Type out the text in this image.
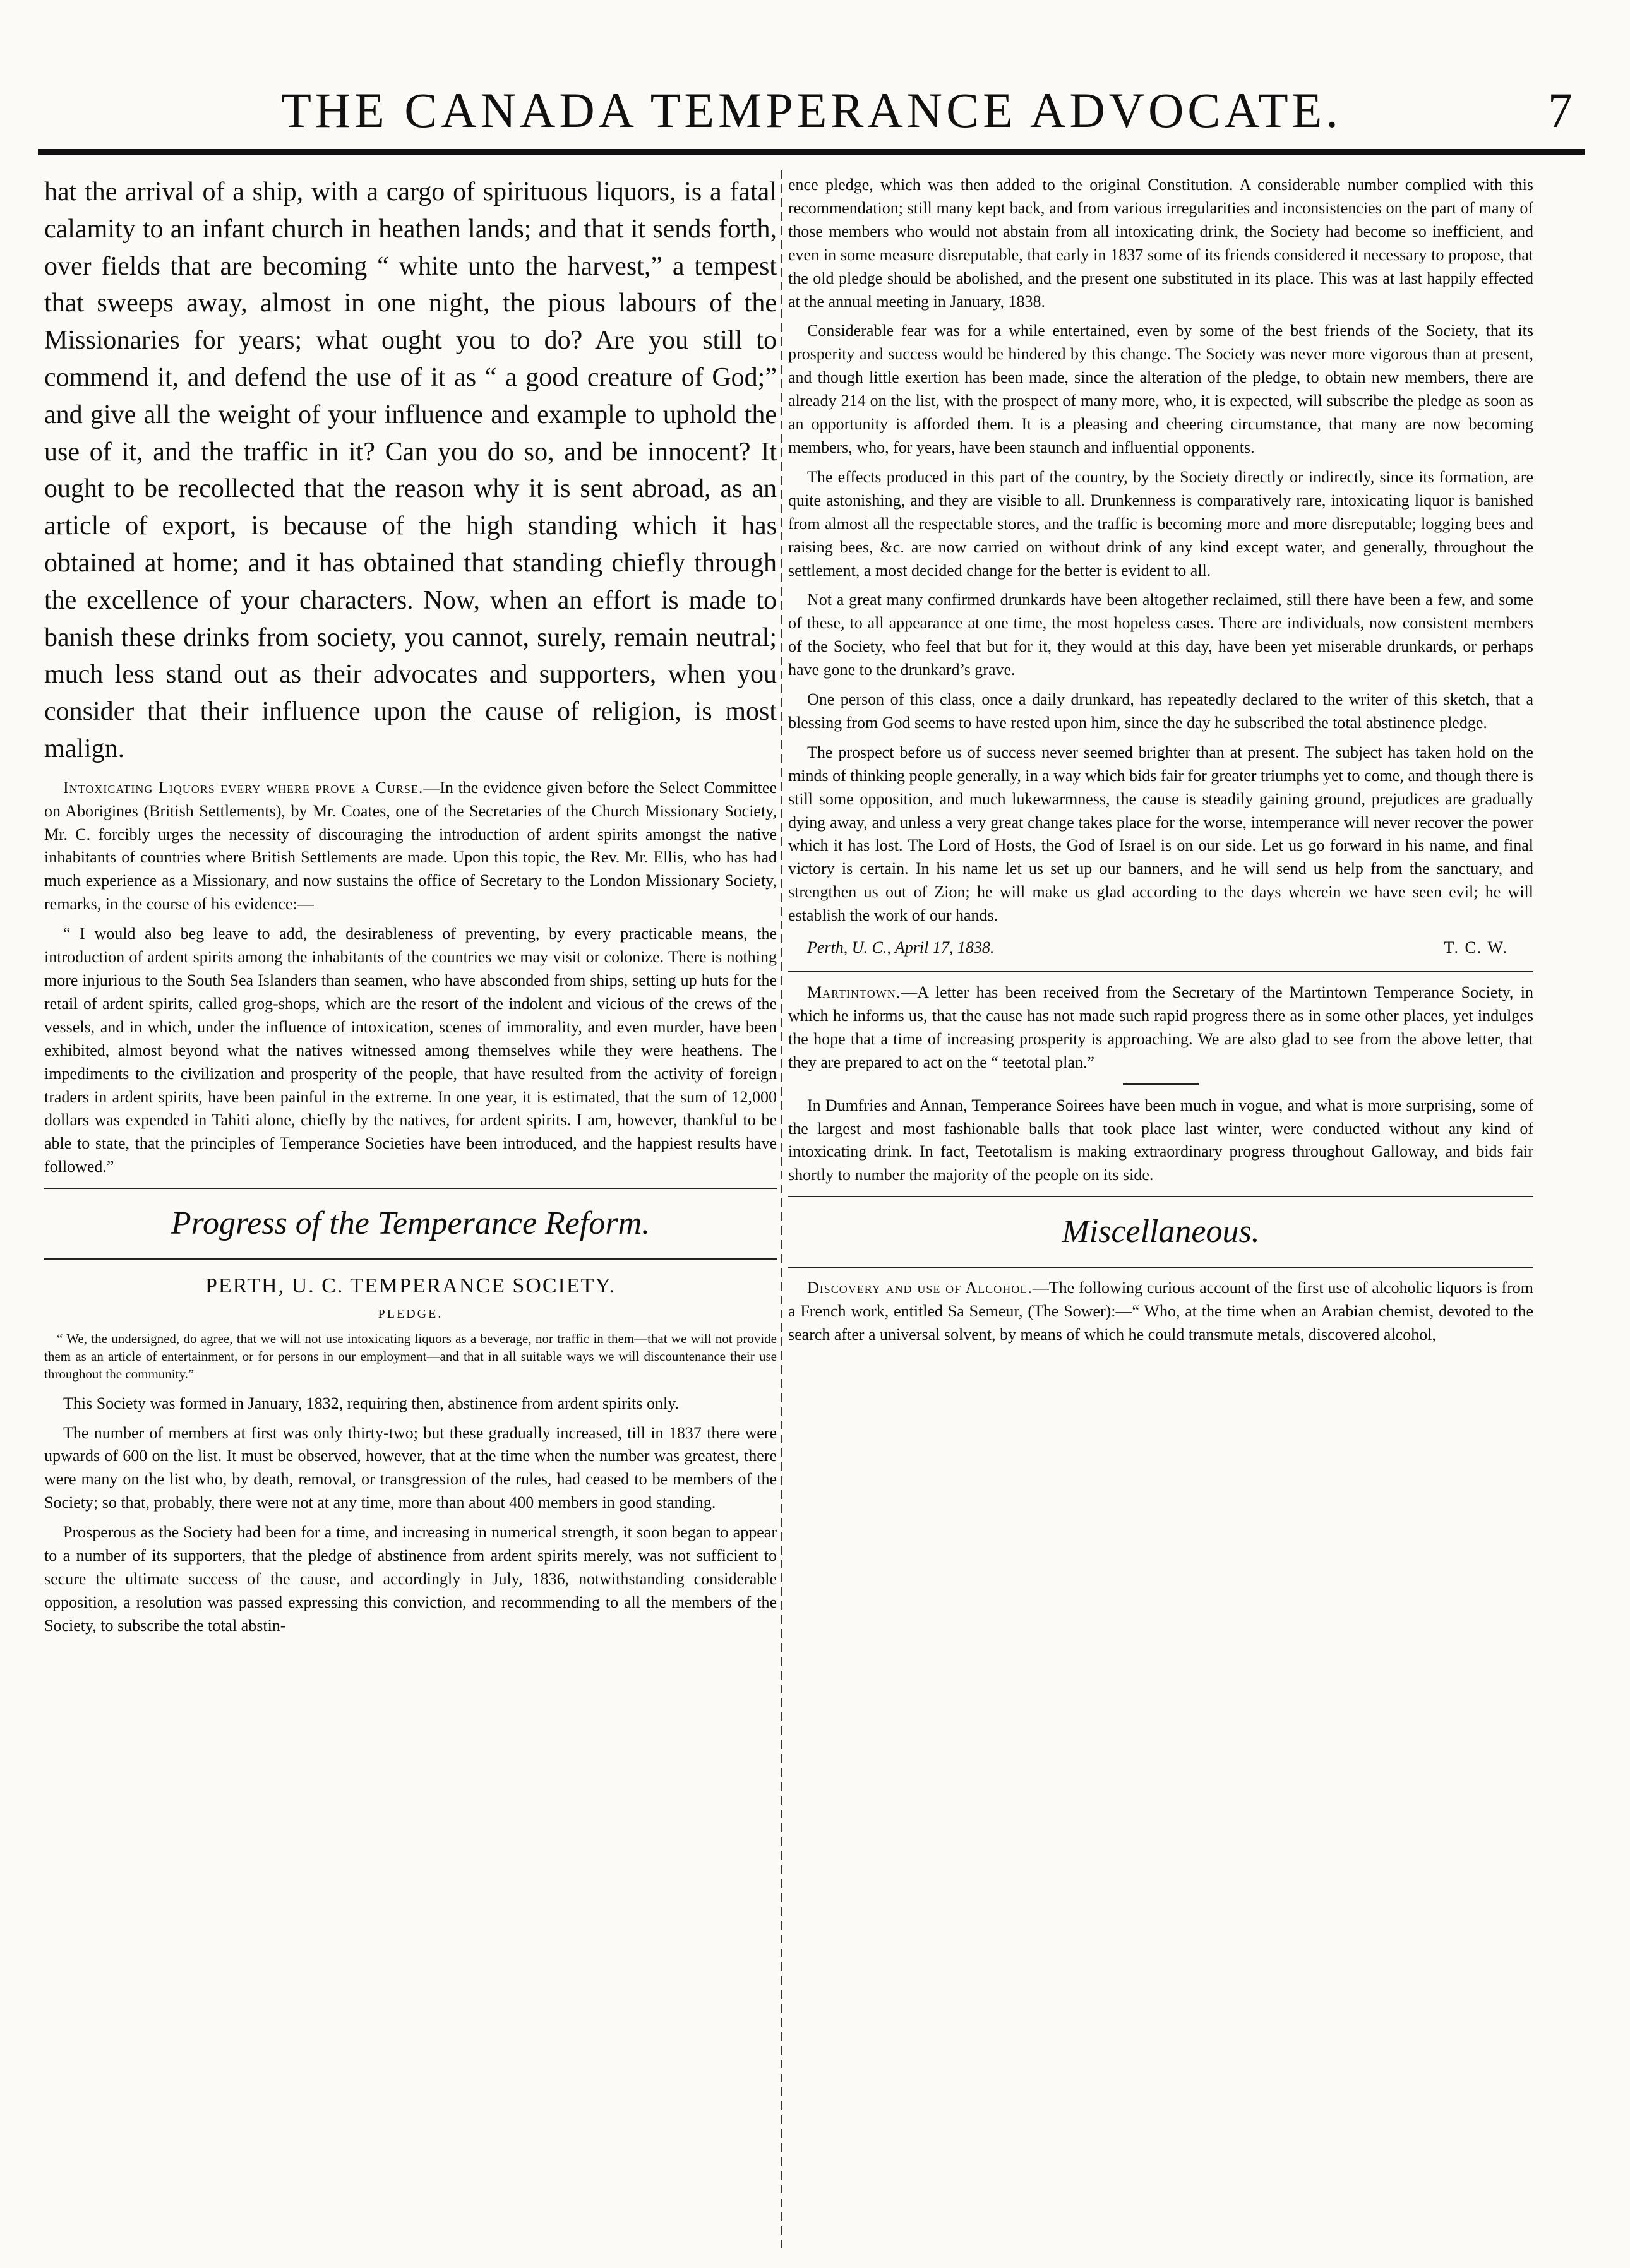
THE CANADA TEMPERANCE ADVOCATE.	7

hat the arrival of a ship, with a cargo of spirituous liquors, is a fatal calamity to an infant church in heathen lands; and that it sends forth, over fields that are becoming “ white unto the harvest,” a tempest that sweeps away, almost in one night, the pious labours of the Missionaries for years; what ought you to do? Are you still to commend it, and defend the use of it as “ a good creature of God;” and give all the weight of your influence and example to uphold the use of it, and the traffic in it? Can you do so, and be innocent? It ought to be recollected that the reason why it is sent abroad, as an article of export, is because of the high standing which it has obtained at home; and it has obtained that standing chiefly through the excellence of your characters. Now, when an effort is made to banish these drinks from society, you cannot, surely, remain neutral; much less stand out as their advocates and supporters, when you consider that their influence upon the cause of religion, is most malign.

Intoxicating Liquors every where prove a Curse.—In the evidence given before the Select Committee on Aborigines (British Settlements), by Mr. Coates, one of the Secretaries of the Church Missionary Society, Mr. C. forcibly urges the necessity of discouraging the introduction of ardent spirits amongst the native inhabitants of countries where British Settlements are made. Upon this topic, the Rev. Mr. Ellis, who has had much experience as a Missionary, and now sustains the office of Secretary to the London Missionary Society, remarks, in the course of his evidence:—

“ I would also beg leave to add, the desirableness of preventing, by every practicable means, the introduction of ardent spirits among the inhabitants of the countries we may visit or colonize. There is nothing more injurious to the South Sea Islanders than seamen, who have absconded from ships, setting up huts for the retail of ardent spirits, called grog-shops, which are the resort of the indolent and vicious of the crews of the vessels, and in which, under the influence of intoxication, scenes of immorality, and even murder, have been exhibited, almost beyond what the natives witnessed among themselves while they were heathens. The impediments to the civilization and prosperity of the people, that have resulted from the activity of foreign traders in ardent spirits, have been painful in the extreme. In one year, it is estimated, that the sum of 12,000 dollars was expended in Tahiti alone, chiefly by the natives, for ardent spirits. I am, however, thankful to be able to state, that the principles of Temperance Societies have been introduced, and the happiest results have followed.”

Progress of the Temperance Reform.
PERTH, U. C. TEMPERANCE SOCIETY.
PLEDGE.

“ We, the undersigned, do agree, that we will not use intoxicating liquors as a beverage, nor traffic in them—that we will not provide them as an article of entertainment, or for persons in our employment—and that in all suitable ways we will discountenance their use throughout the community.”

This Society was formed in January, 1832, requiring then, abstinence from ardent spirits only.

The number of members at first was only thirty-two; but these gradually increased, till in 1837 there were upwards of 600 on the list. It must be observed, however, that at the time when the number was greatest, there were many on the list who, by death, removal, or transgression of the rules, had ceased to be members of the Society; so that, probably, there were not at any time, more than about 400 members in good standing.

Prosperous as the Society had been for a time, and increasing in numerical strength, it soon began to appear to a number of its supporters, that the pledge of abstinence from ardent spirits merely, was not sufficient to secure the ultimate success of the cause, and accordingly in July, 1836, notwithstanding considerable opposition, a resolution was passed expressing this conviction, and recommending to all the members of the Society, to subscribe the total abstin-

ence pledge, which was then added to the original Constitution. A considerable number complied with this recommendation; still many kept back, and from various irregularities and inconsistencies on the part of many of those members who would not abstain from all intoxicating drink, the Society had become so inefficient, and even in some measure disreputable, that early in 1837 some of its friends considered it necessary to propose, that the old pledge should be abolished, and the present one substituted in its place. This was at last happily effected at the annual meeting in January, 1838.

Considerable fear was for a while entertained, even by some of the best friends of the Society, that its prosperity and success would be hindered by this change. The Society was never more vigorous than at present, and though little exertion has been made, since the alteration of the pledge, to obtain new members, there are already 214 on the list, with the prospect of many more, who, it is expected, will subscribe the pledge as soon as an opportunity is afforded them. It is a pleasing and cheering circumstance, that many are now becoming members, who, for years, have been staunch and influential opponents.

The effects produced in this part of the country, by the Society directly or indirectly, since its formation, are quite astonishing, and they are visible to all. Drunkenness is comparatively rare, intoxicating liquor is banished from almost all the respectable stores, and the traffic is becoming more and more disreputable; logging bees and raising bees, &c. are now carried on without drink of any kind except water, and generally, throughout the settlement, a most decided change for the better is evident to all.

Not a great many confirmed drunkards have been altogether reclaimed, still there have been a few, and some of these, to all appearance at one time, the most hopeless cases. There are individuals, now consistent members of the Society, who feel that but for it, they would at this day, have been yet miserable drunkards, or perhaps have gone to the drunkard’s grave.

One person of this class, once a daily drunkard, has repeatedly declared to the writer of this sketch, that a blessing from God seems to have rested upon him, since the day he subscribed the total abstinence pledge.

The prospect before us of success never seemed brighter than at present. The subject has taken hold on the minds of thinking people generally, in a way which bids fair for greater triumphs yet to come, and though there is still some opposition, and much lukewarmness, the cause is steadily gaining ground, prejudices are gradually dying away, and unless a very great change takes place for the worse, intemperance will never recover the power which it has lost. The Lord of Hosts, the God of Israel is on our side. Let us go forward in his name, and final victory is certain. In his name let us set up our banners, and he will send us help from the sanctuary, and strengthen us out of Zion; he will make us glad according to the days wherein we have seen evil; he will establish the work of our hands.

Perth, U. C., April 17, 1838.	T. C. W.

Martintown.—A letter has been received from the Secretary of the Martintown Temperance Society, in which he informs us, that the cause has not made such rapid progress there as in some other places, yet indulges the hope that a time of increasing prosperity is approaching. We are also glad to see from the above letter, that they are prepared to act on the “ teetotal plan.”

In Dumfries and Annan, Temperance Soirees have been much in vogue, and what is more surprising, some of the largest and most fashionable balls that took place last winter, were conducted without any kind of intoxicating drink. In fact, Teetotalism is making extraordinary progress throughout Galloway, and bids fair shortly to number the majority of the people on its side.

Miscellaneous.

Discovery and use of Alcohol.—The following curious account of the first use of alcoholic liquors is from a French work, entitled Sa Semeur, (The Sower):—“ Who, at the time when an Arabian chemist, devoted to the search after a universal solvent, by means of which he could transmute metals, discovered alcohol,
